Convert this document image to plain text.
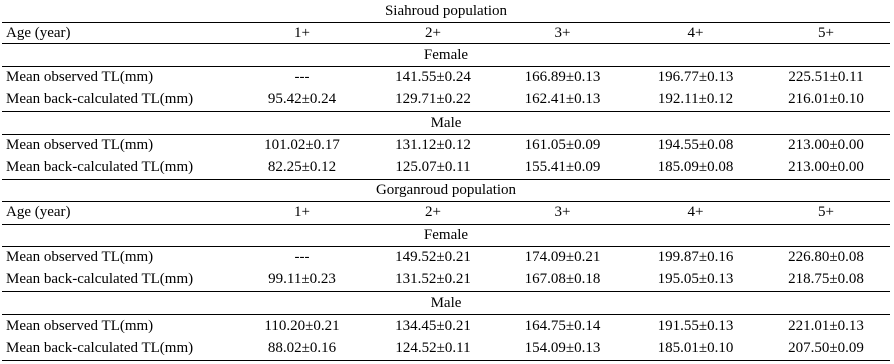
Siahroud population
Age (year)	1+	2+	3+	4+	5+
Female
Mean observed TL(mm)	---	141.55±0.24	166.89±0.13	196.77±0.13	225.51±0.11
Mean back-calculated TL(mm)	95.42±0.24	129.71±0.22	162.41±0.13	192.11±0.12	216.01±0.10
Male
Mean observed TL(mm)	101.02±0.17	131.12±0.12	161.05±0.09	194.55±0.08	213.00±0.00
Mean back-calculated TL(mm)	82.25±0.12	125.07±0.11	155.41±0.09	185.09±0.08	213.00±0.00
Gorganroud population
Age (year)	1+	2+	3+	4+	5+
Female
Mean observed TL(mm)	---	149.52±0.21	174.09±0.21	199.87±0.16	226.80±0.08
Mean back-calculated TL(mm)	99.11±0.23	131.52±0.21	167.08±0.18	195.05±0.13	218.75±0.08
Male
Mean observed TL(mm)	110.20±0.21	134.45±0.21	164.75±0.14	191.55±0.13	221.01±0.13
Mean back-calculated TL(mm)	88.02±0.16	124.52±0.11	154.09±0.13	185.01±0.10	207.50±0.09
